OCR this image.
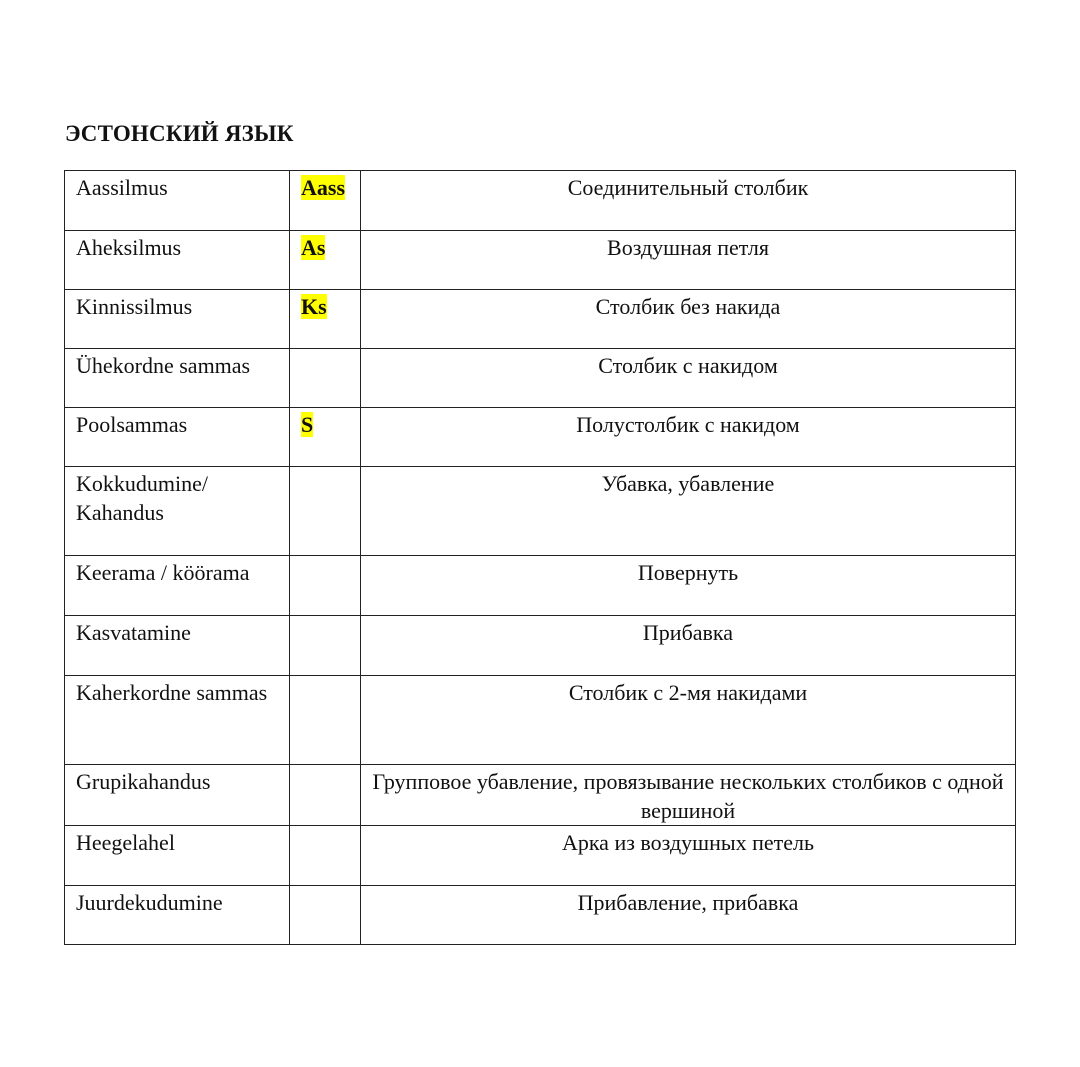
ЭСТОНСКИЙ ЯЗЫК
Aassilmus	Aass	Соединительный столбик
Aheksilmus	As	Воздушная петля
Kinnissilmus	Ks	Столбик без накида
Ühekordne sammas		Столбик с накидом
Poolsammas	S	Полустолбик с накидом
Kokkudumine/ Kahandus		Убавка, убавление
Keerama / köörama		Повернуть
Kasvatamine		Прибавка
Kaherkordne sammas		Столбик с 2-мя накидами
Grupikahandus		Групповое убавление, провязывание нескольких столбиков с одной вершиной
Heegelahel		Арка из воздушных петель
Juurdekudumine		Прибавление, прибавка
